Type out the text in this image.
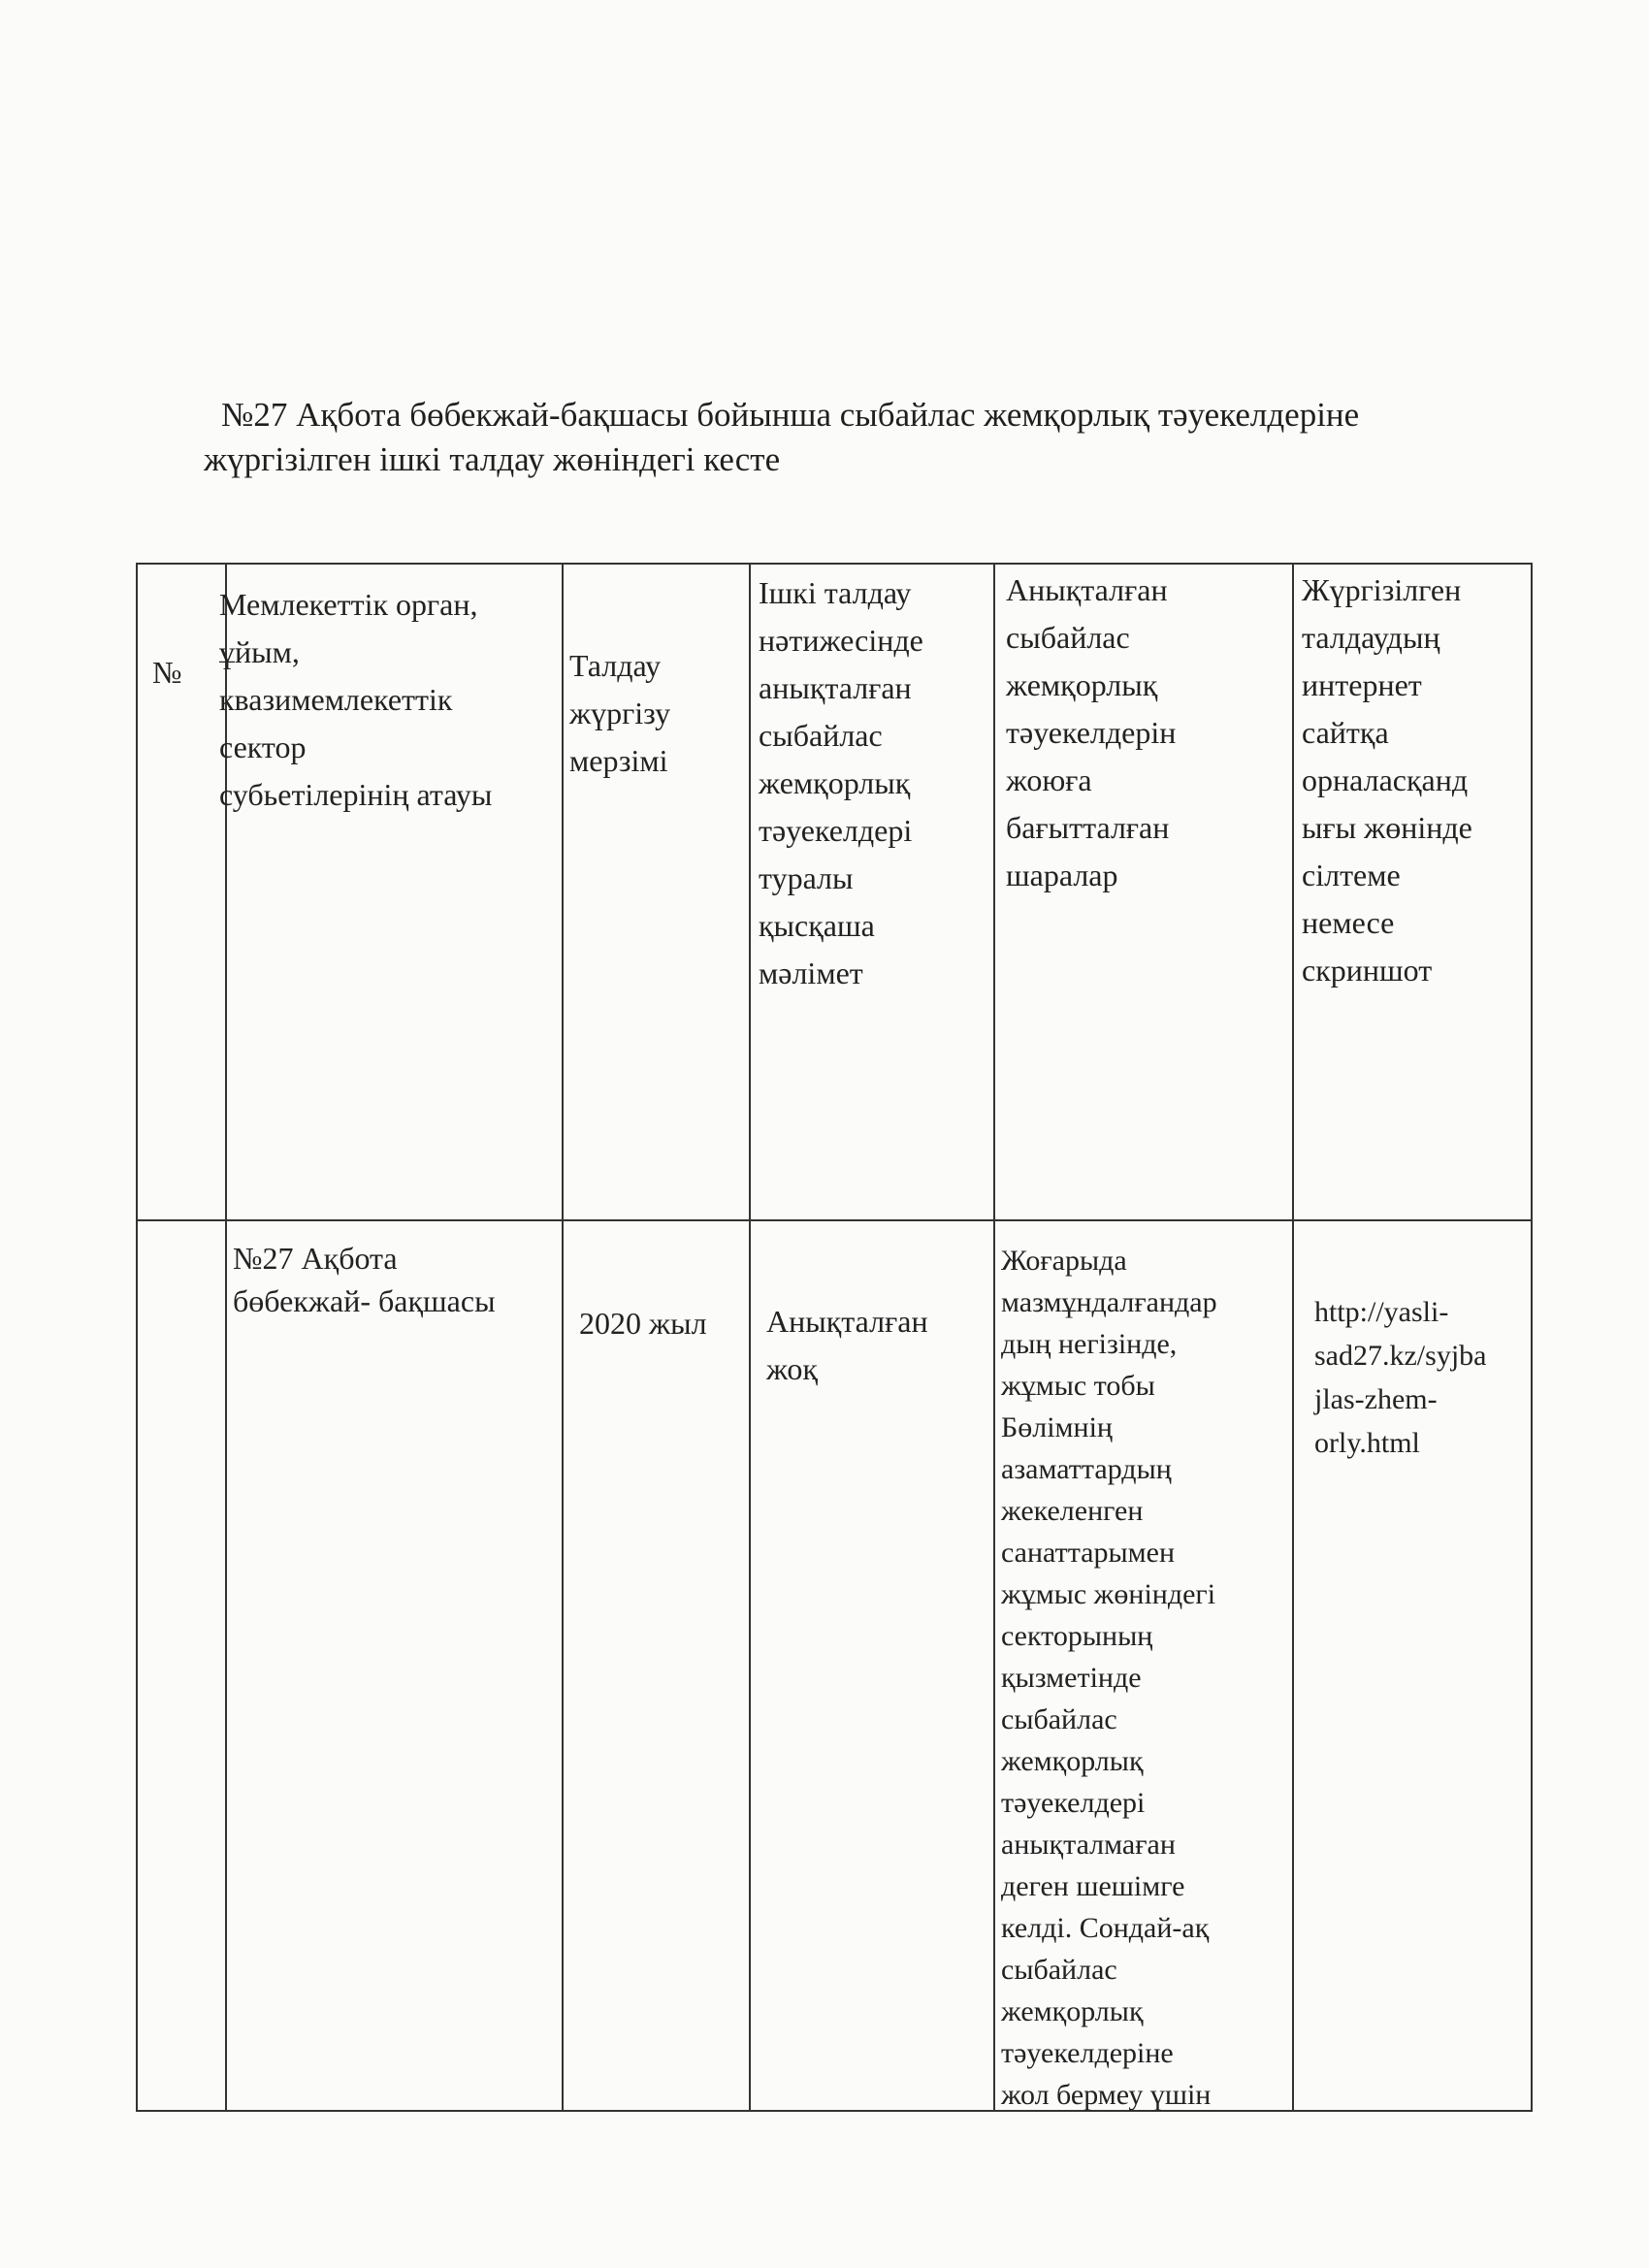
№27 Ақбота бөбекжай-бақшасы бойынша сыбайлас жемқорлық тәуекелдеріне
жүргізілген ішкі талдау жөніндегі кесте
№
Мемлекеттік орган,
ұйым,
квазимемлекеттік
сектор
субьетілерінің атауы
Талдау
жүргізу
мерзімі
Ішкі талдау
нәтижесінде
анықталған
сыбайлас
жемқорлық
тәуекелдері
туралы
қысқаша
мәлімет
Анықталған
сыбайлас
жемқорлық
тәуекелдерін
жоюға
бағытталған
шаралар
Жүргізілген
талдаудың
интернет
сайтқа
орналасқанд
ығы жөнінде
сілтеме
немесе
скриншот
№27 Ақбота
бөбекжай- бақшасы
2020 жыл	Анықталған
жоқ
Жоғарыда
мазмұндалғандар
дың негізінде,
жұмыс тобы
Бөлімнің
азаматтардың
жекеленген
санаттарымен
жұмыс жөніндегі
секторының
қызметінде
сыбайлас
жемқорлық
тәуекелдері
анықталмаған
деген шешімге
келді. Сондай-ақ
сыбайлас
жемқорлық
тәуекелдеріне
жол бермеу үшін
http://yasli-
sad27.kz/syjba
jlas-zhem-
orly.html
